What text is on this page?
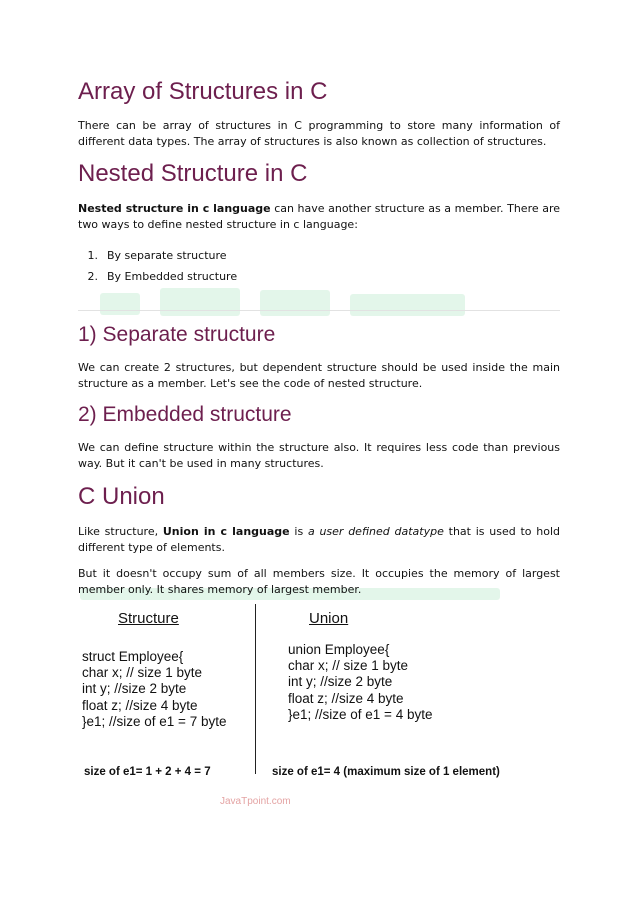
Array of Structures in C

There can be array of structures in C programming to store many information of different data types. The array of structures is also known as collection of structures.

Nested Structure in C

Nested structure in c language can have another structure as a member. There are two ways to define nested structure in c language:

1. By separate structure
2. By Embedded structure
1) Separate structure

We can create 2 structures, but dependent structure should be used inside the main structure as a member. Let's see the code of nested structure.

2) Embedded structure

We can define structure within the structure also. It requires less code than previous way. But it can't be used in many structures.

C Union

Like structure, Union in c language is a user defined datatype that is used to hold different type of elements.

But it doesn't occupy sum of all members size. It occupies the memory of largest member only. It shares memory of largest member.

Structure	Union
struct Employee{
char x; // size 1 byte
int y; //size 2 byte
float z; //size 4 byte
}e1; //size of e1 = 7 byte
union Employee{
char x; // size 1 byte
int y; //size 2 byte
float z; //size 4 byte
}e1; //size of e1 = 4 byte
size of e1= 1 + 2 + 4 = 7	size of e1= 4 (maximum size of 1 element)
JavaTpoint.com
